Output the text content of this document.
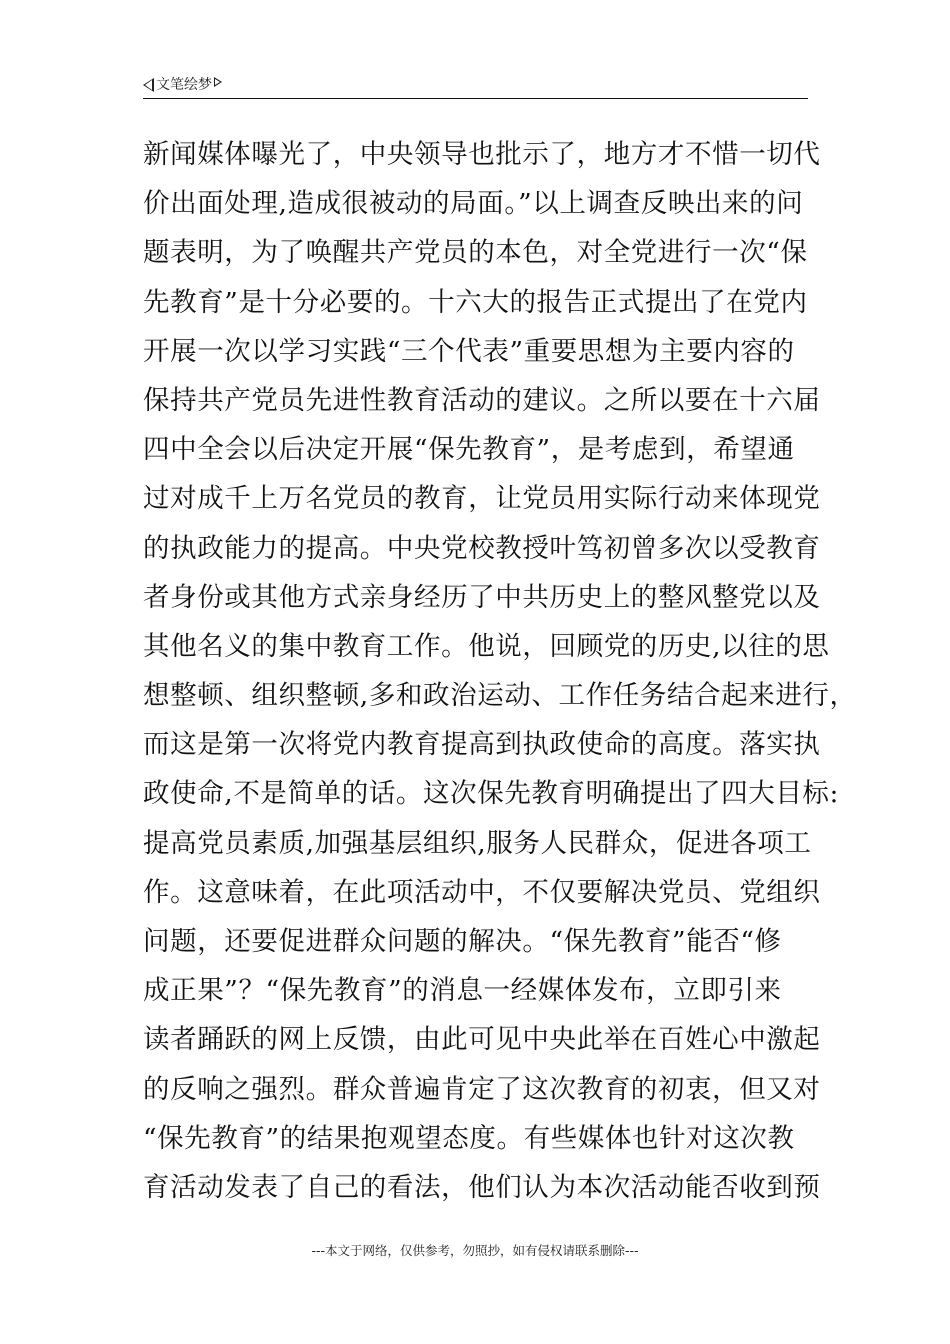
文笔绘梦
新闻媒体曝光了，中央领导也批示了，地方才不惜一切代
价出面处理,造成很被动的局面。”以上调查反映出来的问
题表明，为了唤醒共产党员的本色，对全党进行一次“保
先教育”是十分必要的。十六大的报告正式提出了在党内
开展一次以学习实践“三个代表”重要思想为主要内容的
保持共产党员先进性教育活动的建议。之所以要在十六届
四中全会以后决定开展“保先教育”，是考虑到，希望通
过对成千上万名党员的教育，让党员用实际行动来体现党
的执政能力的提高。中央党校教授叶笃初曾多次以受教育
者身份或其他方式亲身经历了中共历史上的整风整党以及
其他名义的集中教育工作。他说，回顾党的历史,以往的思
想整顿、组织整顿,多和政治运动、工作任务结合起来进行，
而这是第一次将党内教育提高到执政使命的高度。落实执
政使命,不是简单的话。这次保先教育明确提出了四大目标:
提高党员素质,加强基层组织,服务人民群众，促进各项工
作。这意味着，在此项活动中，不仅要解决党员、党组织
问题，还要促进群众问题的解决。“保先教育”能否“修
成正果”？“保先教育”的消息一经媒体发布，立即引来
读者踊跃的网上反馈，由此可见中央此举在百姓心中激起
的反响之强烈。群众普遍肯定了这次教育的初衷，但又对
“保先教育”的结果抱观望态度。有些媒体也针对这次教
育活动发表了自己的看法，他们认为本次活动能否收到预
---本文于网络，仅供参考，勿照抄，如有侵权请联系删除---
